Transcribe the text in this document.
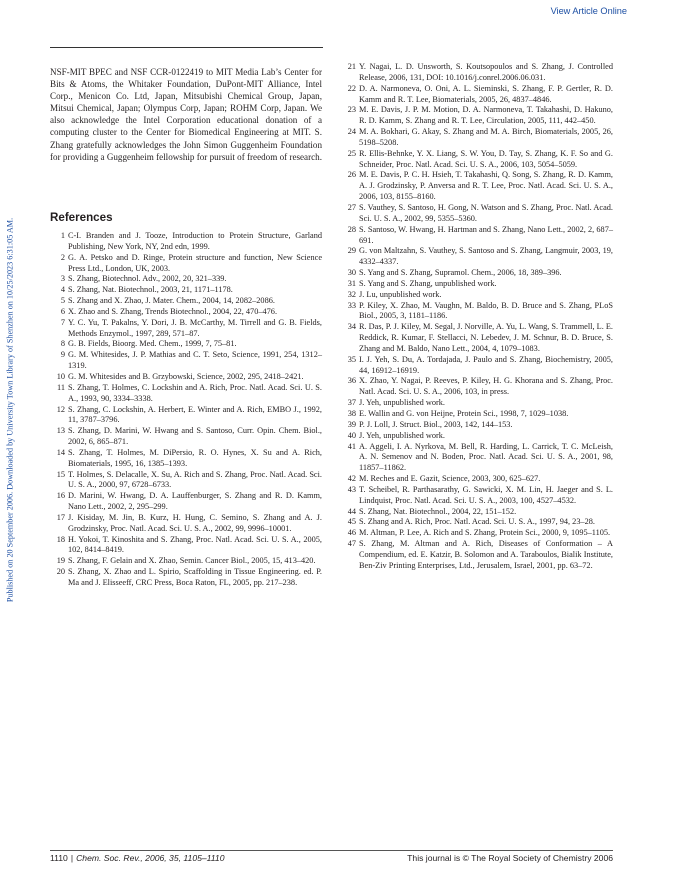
View Article Online
Published on 20 September 2006. Downloaded by University Town Library of Shenzhen on 10/25/2023 6:31:05 AM.

NSF-MIT BPEC and NSF CCR-0122419 to MIT Media Lab’s Center for Bits & Atoms, the Whitaker Foundation, DuPont-MIT Alliance, Intel Corp., Menicon Co. Ltd, Japan, Mitsubishi Chemical Group, Japan, Mitsui Chemical, Japan; Olympus Corp, Japan; ROHM Corp, Japan. We also acknowledge the Intel Corporation educational donation of a computing cluster to the Center for Biomedical Engineering at MIT. S. Zhang gratefully acknowledges the John Simon Guggenheim Foundation for providing a Guggenheim fellowship for pursuit of freedom of research.

References
1 C-I. Branden and J. Tooze, Introduction to Protein Structure, Garland Publishing, New York, NY, 2nd edn, 1999.
2 G. A. Petsko and D. Ringe, Protein structure and function, New Science Press Ltd., London, UK, 2003.
3 S. Zhang, Biotechnol. Adv., 2002, 20, 321–339.
4 S. Zhang, Nat. Biotechnol., 2003, 21, 1171–1178.
5 S. Zhang and X. Zhao, J. Mater. Chem., 2004, 14, 2082–2086.
6 X. Zhao and S. Zhang, Trends Biotechnol., 2004, 22, 470–476.
7 Y. C. Yu, T. Pakalns, Y. Dori, J. B. McCarthy, M. Tirrell and G. B. Fields, Methods Enzymol., 1997, 289, 571–87.
8 G. B. Fields, Bioorg. Med. Chem., 1999, 7, 75–81.
9 G. M. Whitesides, J. P. Mathias and C. T. Seto, Science, 1991, 254, 1312–1319.
10 G. M. Whitesides and B. Grzybowski, Science, 2002, 295, 2418–2421.
11 S. Zhang, T. Holmes, C. Lockshin and A. Rich, Proc. Natl. Acad. Sci. U. S. A., 1993, 90, 3334–3338.
12 S. Zhang, C. Lockshin, A. Herbert, E. Winter and A. Rich, EMBO J., 1992, 11, 3787–3796.
13 S. Zhang, D. Marini, W. Hwang and S. Santoso, Curr. Opin. Chem. Biol., 2002, 6, 865–871.
14 S. Zhang, T. Holmes, M. DiPersio, R. O. Hynes, X. Su and A. Rich, Biomaterials, 1995, 16, 1385–1393.
15 T. Holmes, S. Delacalle, X. Su, A. Rich and S. Zhang, Proc. Natl. Acad. Sci. U. S. A., 2000, 97, 6728–6733.
16 D. Marini, W. Hwang, D. A. Lauffenburger, S. Zhang and R. D. Kamm, Nano Lett., 2002, 2, 295–299.
17 J. Kisiday, M. Jin, B. Kurz, H. Hung, C. Semino, S. Zhang and A. J. Grodzinsky, Proc. Natl. Acad. Sci. U. S. A., 2002, 99, 9996–10001.
18 H. Yokoi, T. Kinoshita and S. Zhang, Proc. Natl. Acad. Sci. U. S. A., 2005, 102, 8414–8419.
19 S. Zhang, F. Gelain and X. Zhao, Semin. Cancer Biol., 2005, 15, 413–420.
20 S. Zhang, X. Zhao and L. Spirio, Scaffolding in Tissue Engineering. ed. P. Ma and J. Elisseeff, CRC Press, Boca Raton, FL, 2005, pp. 217–238.
21 Y. Nagai, L. D. Unsworth, S. Koutsopoulos and S. Zhang, J. Controlled Release, 2006, 131, DOI: 10.1016/j.conrel.2006.06.031.
22 D. A. Narmoneva, O. Oni, A. L. Sieminski, S. Zhang, F. P. Gertler, R. D. Kamm and R. T. Lee, Biomaterials, 2005, 26, 4837–4846.
23 M. E. Davis, J. P. M. Motion, D. A. Narmoneva, T. Takahashi, D. Hakuno, R. D. Kamm, S. Zhang and R. T. Lee, Circulation, 2005, 111, 442–450.
24 M. A. Bokhari, G. Akay, S. Zhang and M. A. Birch, Biomaterials, 2005, 26, 5198–5208.
25 R. Ellis-Behnke, Y. X. Liang, S. W. You, D. Tay, S. Zhang, K. F. So and G. Schneider, Proc. Natl. Acad. Sci. U. S. A., 2006, 103, 5054–5059.
26 M. E. Davis, P. C. H. Hsieh, T. Takahashi, Q. Song, S. Zhang, R. D. Kamm, A. J. Grodzinsky, P. Anversa and R. T. Lee, Proc. Natl. Acad. Sci. U. S. A., 2006, 103, 8155–8160.
27 S. Vauthey, S. Santoso, H. Gong, N. Watson and S. Zhang, Proc. Natl. Acad. Sci. U. S. A., 2002, 99, 5355–5360.
28 S. Santoso, W. Hwang, H. Hartman and S. Zhang, Nano Lett., 2002, 2, 687–691.
29 G. von Maltzahn, S. Vauthey, S. Santoso and S. Zhang, Langmuir, 2003, 19, 4332–4337.
30 S. Yang and S. Zhang, Supramol. Chem., 2006, 18, 389–396.
31 S. Yang and S. Zhang, unpublished work.
32 J. Lu, unpublished work.
33 P. Kiley, X. Zhao, M. Vaughn, M. Baldo, B. D. Bruce and S. Zhang, PLoS Biol., 2005, 3, 1181–1186.
34 R. Das, P. J. Kiley, M. Segal, J. Norville, A. Yu, L. Wang, S. Trammell, L. E. Reddick, R. Kumar, F. Stellacci, N. Lebedev, J. M. Schnur, B. D. Bruce, S. Zhang and M. Baldo, Nano Lett., 2004, 4, 1079–1083.
35 I. J. Yeh, S. Du, A. Tordajada, J. Paulo and S. Zhang, Biochemistry, 2005, 44, 16912–16919.
36 X. Zhao, Y. Nagai, P. Reeves, P. Kiley, H. G. Khorana and S. Zhang, Proc. Natl. Acad. Sci. U. S. A., 2006, 103, in press.
37 J. Yeh, unpublished work.
38 E. Wallin and G. von Heijne, Protein Sci., 1998, 7, 1029–1038.
39 P. J. Loll, J. Struct. Biol., 2003, 142, 144–153.
40 J. Yeh, unpublished work.
41 A. Aggeli, I. A. Nyrkova, M. Bell, R. Harding, L. Carrick, T. C. McLeish, A. N. Semenov and N. Boden, Proc. Natl. Acad. Sci. U. S. A., 2001, 98, 11857–11862.
42 M. Reches and E. Gazit, Science, 2003, 300, 625–627.
43 T. Scheibel, R. Parthasarathy, G. Sawicki, X. M. Lin, H. Jaeger and S. L. Lindquist, Proc. Natl. Acad. Sci. U. S. A., 2003, 100, 4527–4532.
44 S. Zhang, Nat. Biotechnol., 2004, 22, 151–152.
45 S. Zhang and A. Rich, Proc. Natl. Acad. Sci. U. S. A., 1997, 94, 23–28.
46 M. Altman, P. Lee, A. Rich and S. Zhang, Protein Sci., 2000, 9, 1095–1105.
47 S. Zhang, M. Altman and A. Rich, Diseases of Conformation – A Compendium, ed. E. Katzir, B. Solomon and A. Taraboulos, Bialik Institute, Ben-Ziv Printing Enterprises, Ltd., Jerusalem, Israel, 2001, pp. 63–72.
1110 | Chem. Soc. Rev., 2006, 35, 1105–1110	This journal is © The Royal Society of Chemistry 2006
